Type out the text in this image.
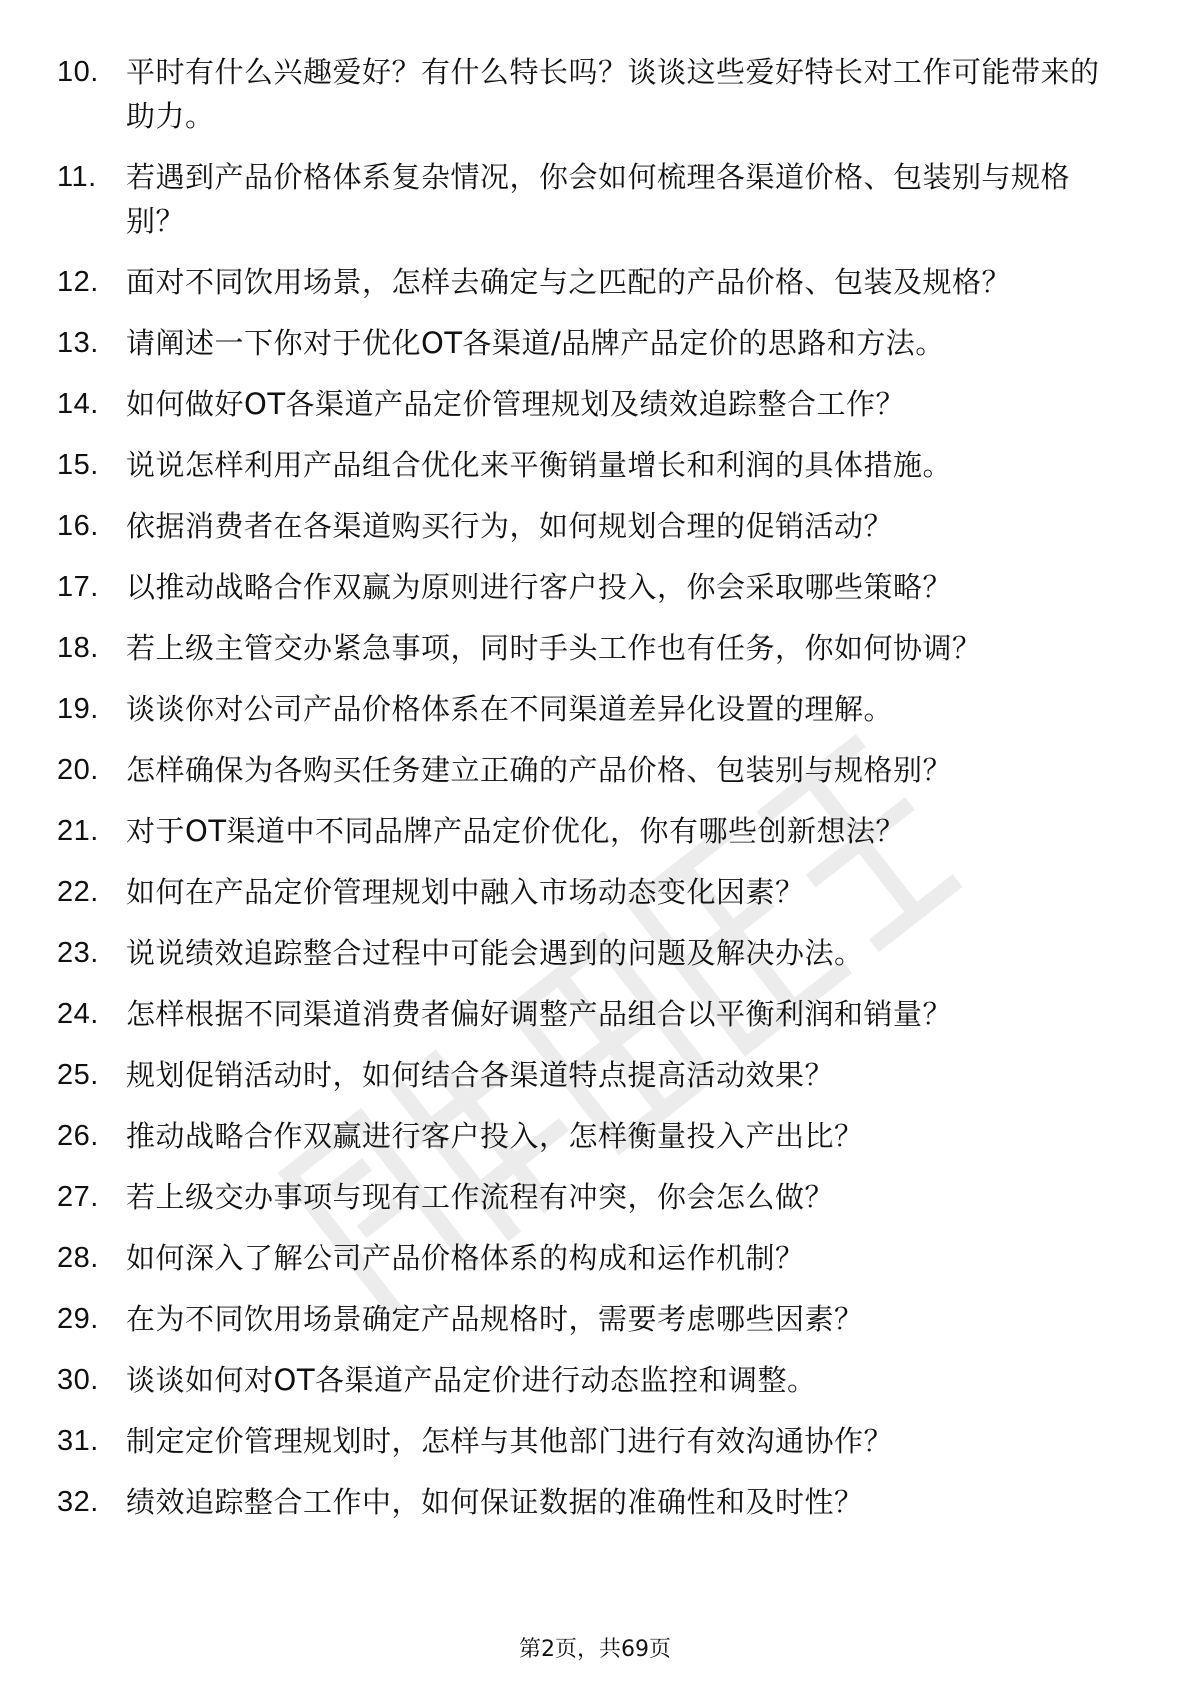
10. 平时有什么兴趣爱好？有什么特长吗？谈谈这些爱好特长对工作可能带来的助力。
11.	若遇到产品价格体系复杂情况，你会如何梳理各渠道价格、包装别与规格别？
12. 面对不同饮用场景，怎样去确定与之匹配的产品价格、包装及规格？
13. 请阐述一下你对于优化OT各渠道/品牌产品定价的思路和方法。
14. 如何做好OT各渠道产品定价管理规划及绩效追踪整合工作？
15. 说说怎样利用产品组合优化来平衡销量增长和利润的具体措施。
16. 依据消费者在各渠道购买行为，如何规划合理的促销活动？
17. 以推动战略合作双赢为原则进行客户投入，你会采取哪些策略？
18. 若上级主管交办紧急事项，同时手头工作也有任务，你如何协调？
19. 谈谈你对公司产品价格体系在不同渠道差异化设置的理解。
20. 怎样确保为各购买任务建立正确的产品价格、包装别与规格别？
21. 对于OT渠道中不同品牌产品定价优化，你有哪些创新想法？
22. 如何在产品定价管理规划中融入市场动态变化因素？
23. 说说绩效追踪整合过程中可能会遇到的问题及解决办法。
24. 怎样根据不同渠道消费者偏好调整产品组合以平衡利润和销量？
25. 规划促销活动时，如何结合各渠道特点提高活动效果？
26. 推动战略合作双赢进行客户投入，怎样衡量投入产出比？
27. 若上级交办事项与现有工作流程有冲突，你会怎么做？
28. 如何深入了解公司产品价格体系的构成和运作机制？
29. 在为不同饮用场景确定产品规格时，需要考虑哪些因素？
30. 谈谈如何对OT各渠道产品定价进行动态监控和调整。
31. 制定定价管理规划时，怎样与其他部门进行有效沟通协作？
32. 绩效追踪整合工作中，如何保证数据的准确性和及时性？
第2页，共69页
